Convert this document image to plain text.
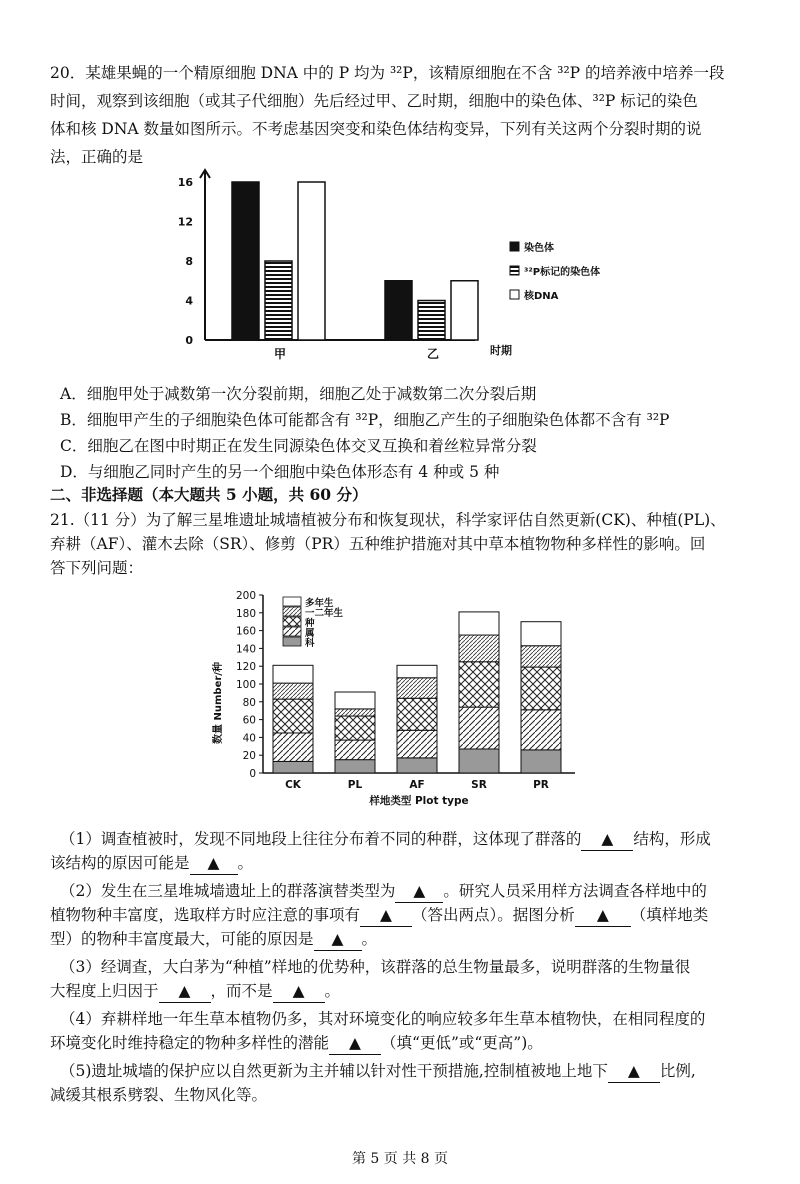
20．某雄果蝇的一个精原细胞 DNA 中的 P 均为 ³²P，该精原细胞在不含 ³²P 的培养液中培养一段
时间，观察到该细胞（或其子代细胞）先后经过甲、乙时期，细胞中的染色体、³²P 标记的染色
体和核 DNA 数量如图所示。不考虑基因突变和染色体结构变异，下列有关这两个分裂时期的说
法，正确的是
0
4
8
12
16
甲	乙	时期
染色体
³²P标记的染色体
核DNA
A．细胞甲处于减数第一次分裂前期，细胞乙处于减数第二次分裂后期
B．细胞甲产生的子细胞染色体可能都含有 ³²P，细胞乙产生的子细胞染色体都不含有 ³²P
C．细胞乙在图中时期正在发生同源染色体交叉互换和着丝粒异常分裂
D．与细胞乙同时产生的另一个细胞中染色体形态有 4 种或 5 种
二、非选择题（本大题共 5 小题，共 60 分）
21.（11 分）为了解三星堆遗址城墙植被分布和恢复现状，科学家评估自然更新(CK)、种植(PL)、
弃耕（AF）、灌木去除（SR）、修剪（PR）五种维护措施对其中草本植物物种多样性的影响。回
答下列问题：
0
20
40
60
80
100
120
140
160
180
200
CK	PL	AF	SR	PR
样地类型 Plot type
数量 Number/种
多年生
一二年生
种
属
科
（1）调查植被时，发现不同地段上往往分布着不同的种群，这体现了群落的 ▲ 结构，形成
该结构的原因可能是 ▲ 。
（2）发生在三星堆城墙遗址上的群落演替类型为 ▲ 。研究人员采用样方法调查各样地中的
植物物种丰富度，选取样方时应注意的事项有 ▲ （答出两点）。据图分析 ▲ （填样地类
型）的物种丰富度最大，可能的原因是 ▲ 。
（3）经调查，大白茅为“种植”样地的优势种，该群落的总生物量最多，说明群落的生物量很
大程度上归因于 ▲ ，而不是 ▲ 。
（4）弃耕样地一年生草本植物仍多，其对环境变化的响应较多年生草本植物快，在相同程度的
环境变化时维持稳定的物种多样性的潜能 ▲ （填“更低”或“更高”)。
（5)遗址城墙的保护应以自然更新为主并辅以针对性干预措施,控制植被地上地下 ▲ 比例,
减缓其根系劈裂、生物风化等。
第 5 页 共 8 页
